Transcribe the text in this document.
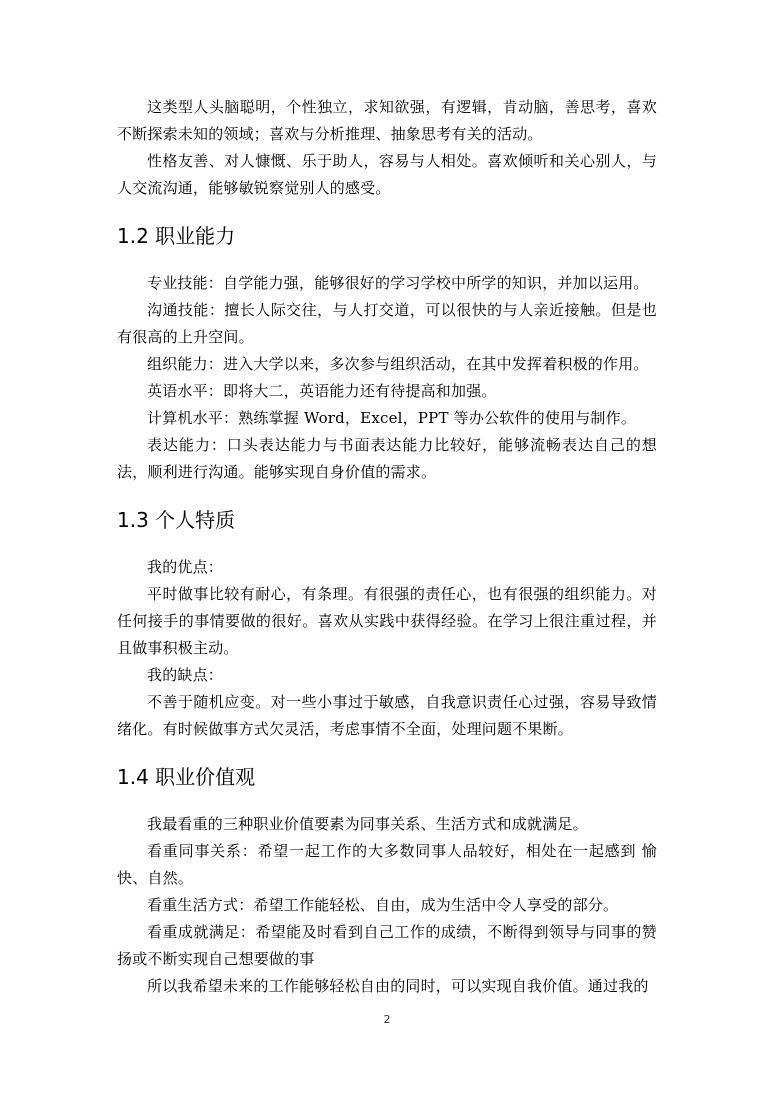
这类型人头脑聪明，个性独立，求知欲强，有逻辑，肯动脑，善思考，喜欢不断探索未知的领域；喜欢与分析推理、抽象思考有关的活动。

性格友善、对人慷慨、乐于助人，容易与人相处。喜欢倾听和关心别人，与人交流沟通，能够敏锐察觉别人的感受。

1.2 职业能力

专业技能：自学能力强，能够很好的学习学校中所学的知识，并加以运用。

沟通技能：擅长人际交往，与人打交道，可以很快的与人亲近接触。但是也有很高的上升空间。

组织能力：进入大学以来，多次参与组织活动，在其中发挥着积极的作用。

英语水平：即将大二，英语能力还有待提高和加强。

计算机水平：熟练掌握 Word，Excel，PPT 等办公软件的使用与制作。

表达能力：口头表达能力与书面表达能力比较好，能够流畅表达自己的想法，顺利进行沟通。能够实现自身价值的需求。

1.3 个人特质

我的优点：

平时做事比较有耐心，有条理。有很强的责任心，也有很强的组织能力。对任何接手的事情要做的很好。喜欢从实践中获得经验。在学习上很注重过程，并且做事积极主动。

我的缺点：

不善于随机应变。对一些小事过于敏感，自我意识责任心过强，容易导致情绪化。有时候做事方式欠灵活，考虑事情不全面，处理问题不果断。

1.4 职业价值观

我最看重的三种职业价值要素为同事关系、生活方式和成就满足。

看重同事关系：希望一起工作的大多数同事人品较好，相处在一起感到 愉快、自然。

看重生活方式：希望工作能轻松、自由，成为生活中令人享受的部分。

看重成就满足：希望能及时看到自己工作的成绩，不断得到领导与同事的赞扬或不断实现自己想要做的事

所以我希望未来的工作能够轻松自由的同时，可以实现自我价值。通过我的

2
